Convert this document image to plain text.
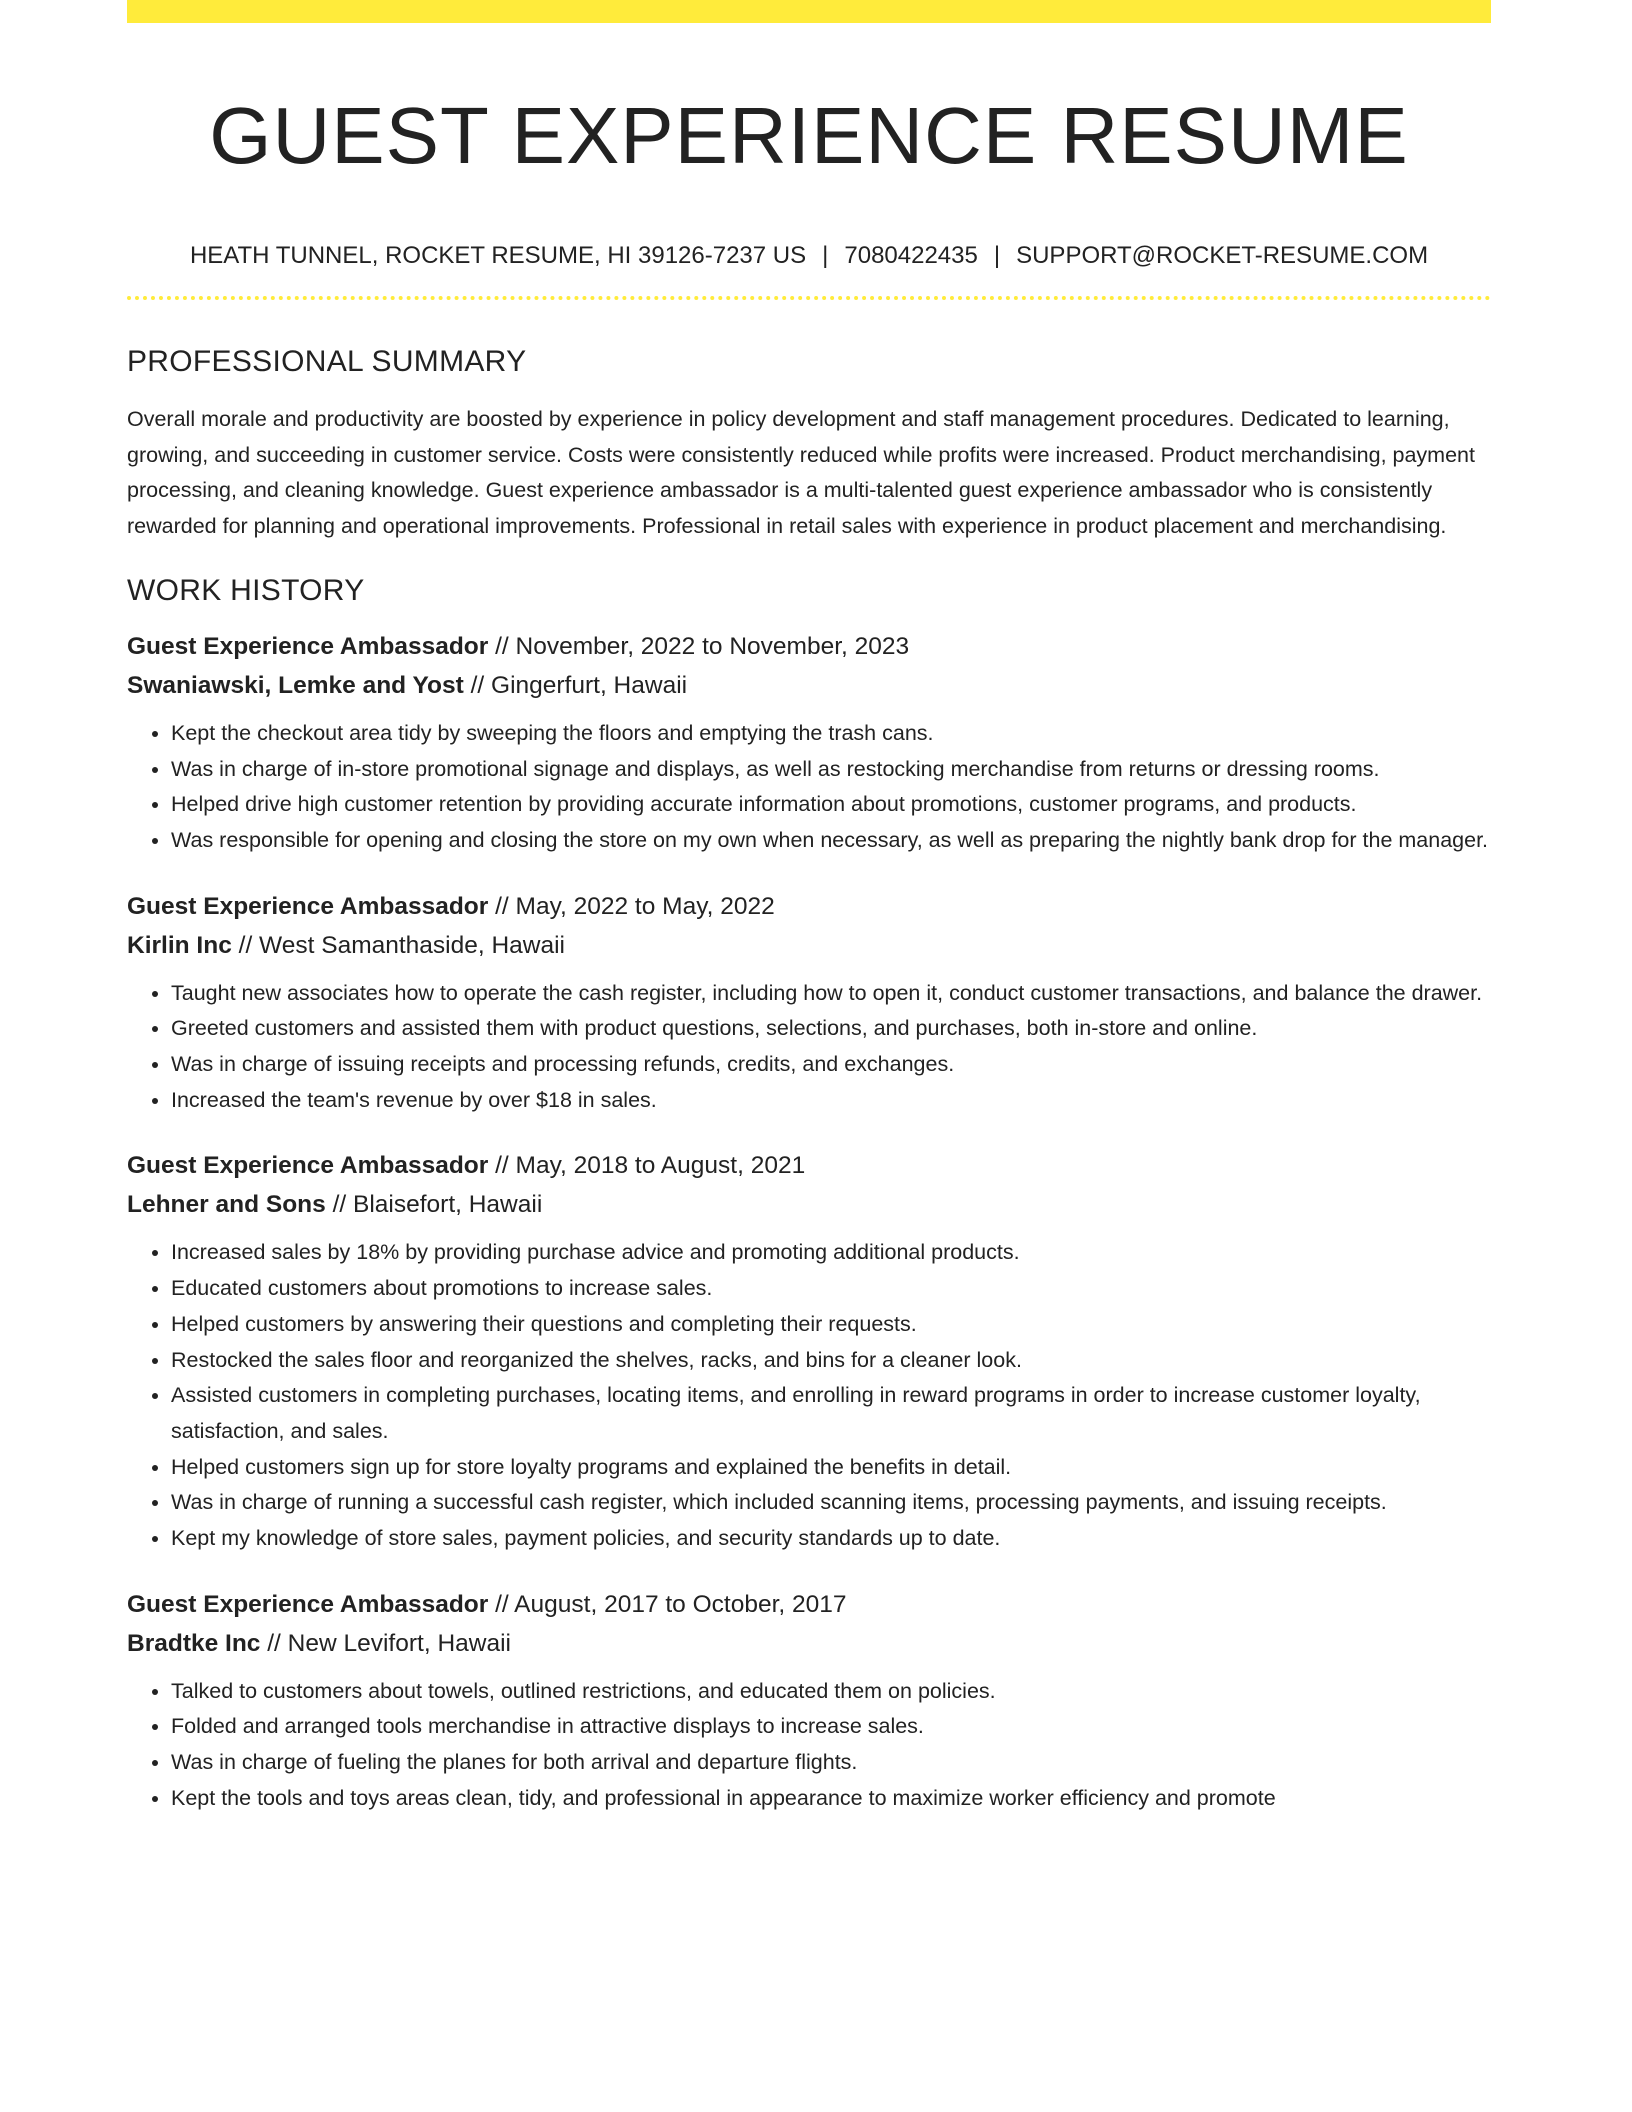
GUEST EXPERIENCE RESUME
HEATH TUNNEL, ROCKET RESUME, HI 39126-7237 US | 7080422435 | SUPPORT@ROCKET-RESUME.COM
PROFESSIONAL SUMMARY

Overall morale and productivity are boosted by experience in policy development and staff management procedures. Dedicated to learning, growing, and succeeding in customer service. Costs were consistently reduced while profits were increased. Product merchandising, payment processing, and cleaning knowledge. Guest experience ambassador is a multi-talented guest experience ambassador who is consistently rewarded for planning and operational improvements. Professional in retail sales with experience in product placement and merchandising.

WORK HISTORY
Guest Experience Ambassador // November, 2022 to November, 2023
Swaniawski, Lemke and Yost // Gingerfurt, Hawaii
• Kept the checkout area tidy by sweeping the floors and emptying the trash cans.
• Was in charge of in-store promotional signage and displays, as well as restocking merchandise from returns or dressing rooms.
• Helped drive high customer retention by providing accurate information about promotions, customer programs, and products.
• Was responsible for opening and closing the store on my own when necessary, as well as preparing the nightly bank drop for the manager.
Guest Experience Ambassador // May, 2022 to May, 2022
Kirlin Inc // West Samanthaside, Hawaii
• Taught new associates how to operate the cash register, including how to open it, conduct customer transactions, and balance the drawer.
• Greeted customers and assisted them with product questions, selections, and purchases, both in-store and online.
• Was in charge of issuing receipts and processing refunds, credits, and exchanges.
• Increased the team's revenue by over $18 in sales.
Guest Experience Ambassador // May, 2018 to August, 2021
Lehner and Sons // Blaisefort, Hawaii
• Increased sales by 18% by providing purchase advice and promoting additional products.
• Educated customers about promotions to increase sales.
• Helped customers by answering their questions and completing their requests.
• Restocked the sales floor and reorganized the shelves, racks, and bins for a cleaner look.
• Assisted customers in completing purchases, locating items, and enrolling in reward programs in order to increase customer loyalty, satisfaction, and sales.
• Helped customers sign up for store loyalty programs and explained the benefits in detail.
• Was in charge of running a successful cash register, which included scanning items, processing payments, and issuing receipts.
• Kept my knowledge of store sales, payment policies, and security standards up to date.
Guest Experience Ambassador // August, 2017 to October, 2017
Bradtke Inc // New Levifort, Hawaii
• Talked to customers about towels, outlined restrictions, and educated them on policies.
• Folded and arranged tools merchandise in attractive displays to increase sales.
• Was in charge of fueling the planes for both arrival and departure flights.
• Kept the tools and toys areas clean, tidy, and professional in appearance to maximize worker efficiency and promote
